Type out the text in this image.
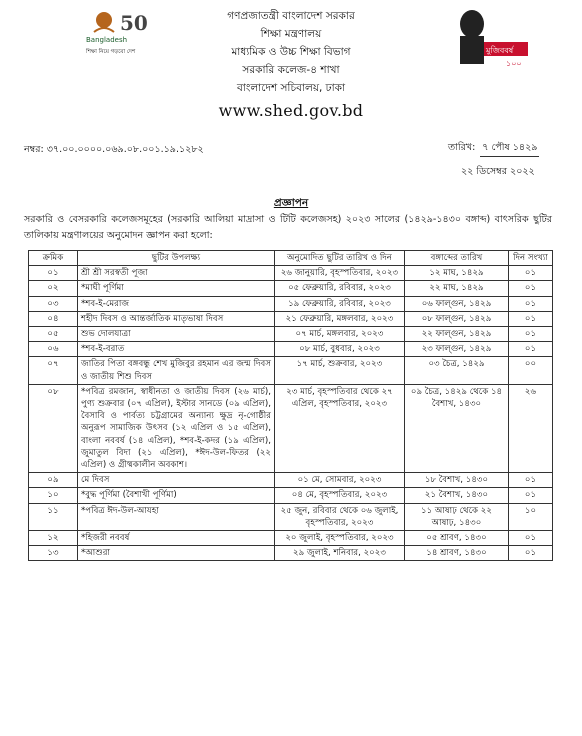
50
Bangladesh
শিক্ষা নিয়ে গড়বো দেশ	মুজিববর্ষ
১০০
গণপ্রজাতন্ত্রী বাংলাদেশ সরকার
শিক্ষা মন্ত্রণালয়
মাধ্যমিক ও উচ্চ শিক্ষা বিভাগ
সরকারি কলেজ-৪ শাখা
বাংলাদেশ সচিবালয়, ঢাকা
www.shed.gov.bd
নম্বর: ৩৭.০০.০০০০.০৬৯.০৮.০০১.১৯.১২৮২	তারিখ: ৭ পৌষ ১৪২৯
২২ ডিসেম্বর ২০২২
প্রজ্ঞাপন
সরকারি ও বেসরকারি কলেজসমূহের (সরকারি আলিয়া মাদ্রাসা ও টিটি কলেজসহ) ২০২৩ সালের (১৪২৯-১৪৩০ বঙ্গাব্দ) বাৎসরিক ছুটির তালিকায় মন্ত্রণালয়ের অনুমোদন জ্ঞাপন করা হলো:
ক্রমিক	ছুটির উপলক্ষ্য	অনুমোদিত ছুটির তারিখ ও দিন	বঙ্গাব্দের তারিখ	দিন সংখ্যা
০১	শ্রী শ্রী সরস্বতী পূজা	২৬ জানুয়ারি, বৃহস্পতিবার, ২০২৩	১২ মাঘ, ১৪২৯	০১
০২	*মাঘী পূর্ণিমা	০৫ ফেব্রুয়ারি, রবিবার, ২০২৩	২২ মাঘ, ১৪২৯	০১
০৩	*শব-ই-মেরাজ	১৯ ফেব্রুয়ারি, রবিবার, ২০২৩	০৬ ফাল্গুন, ১৪২৯	০১
০৪	শহীদ দিবস ও আন্তর্জাতিক মাতৃভাষা দিবস	২১ ফেব্রুয়ারি, মঙ্গলবার, ২০২৩	০৮ ফাল্গুন, ১৪২৯	০১
০৫	শুভ দোলযাত্রা	০৭ মার্চ, মঙ্গলবার, ২০২৩	২২ ফাল্গুন, ১৪২৯	০১
০৬	*শব-ই-বরাত	০৮ মার্চ, বুধবার, ২০২৩	২৩ ফাল্গুন, ১৪২৯	০১
০৭	জাতির পিতা বঙ্গবন্ধু শেখ মুজিবুর রহমান এর জন্ম দিবস ও জাতীয় শিশু দিবস	১৭ মার্চ, শুক্রবার, ২০২৩	০৩ চৈত্র, ১৪২৯	০০
০৮	*পবিত্র রমজান, স্বাধীনতা ও জাতীয় দিবস (২৬ মার্চ), পুণ্য শুক্রবার (০৭ এপ্রিল), ইস্টার সানডে (০৯ এপ্রিল), বৈসাবি ও পার্বত্য চট্টগ্রামের অন্যান্য ক্ষুদ্র নৃ-গোষ্ঠীর অনুরূপ সামাজিক উৎসব (১২ এপ্রিল ও ১৫ এপ্রিল), বাংলা নববর্ষ (১৪ এপ্রিল), *শব-ই-কদর (১৯ এপ্রিল), জুমাতুল বিদা (২১ এপ্রিল), *ঈদ-উল-ফিতর (২২ এপ্রিল) ও গ্রীষ্মকালীন অবকাশ।	২৩ মার্চ, বৃহস্পতিবার থেকে ২৭ এপ্রিল, বৃহস্পতিবার, ২০২৩	০৯ চৈত্র, ১৪২৯ থেকে ১৪ বৈশাখ, ১৪৩০	২৬
০৯	মে দিবস	০১ মে, সোমবার, ২০২৩	১৮ বৈশাখ, ১৪৩০	০১
১০	*বুদ্ধ পূর্ণিমা (বৈশাখী পূর্ণিমা)	০৪ মে, বৃহস্পতিবার, ২০২৩	২১ বৈশাখ, ১৪৩০	০১
১১	*পবিত্র ঈদ-উল-আযহা	২৫ জুন, রবিবার থেকে ০৬ জুলাই, বৃহস্পতিবার, ২০২৩	১১ আষাঢ় থেকে ২২ আষাঢ়, ১৪৩০	১০
১২	*হিজরী নববর্ষ	২০ জুলাই, বৃহস্পতিবার, ২০২৩	০৫ শ্রাবণ, ১৪৩০	০১
১৩	*আশুরা	২৯ জুলাই, শনিবার, ২০২৩	১৪ শ্রাবণ, ১৪৩০	০১
